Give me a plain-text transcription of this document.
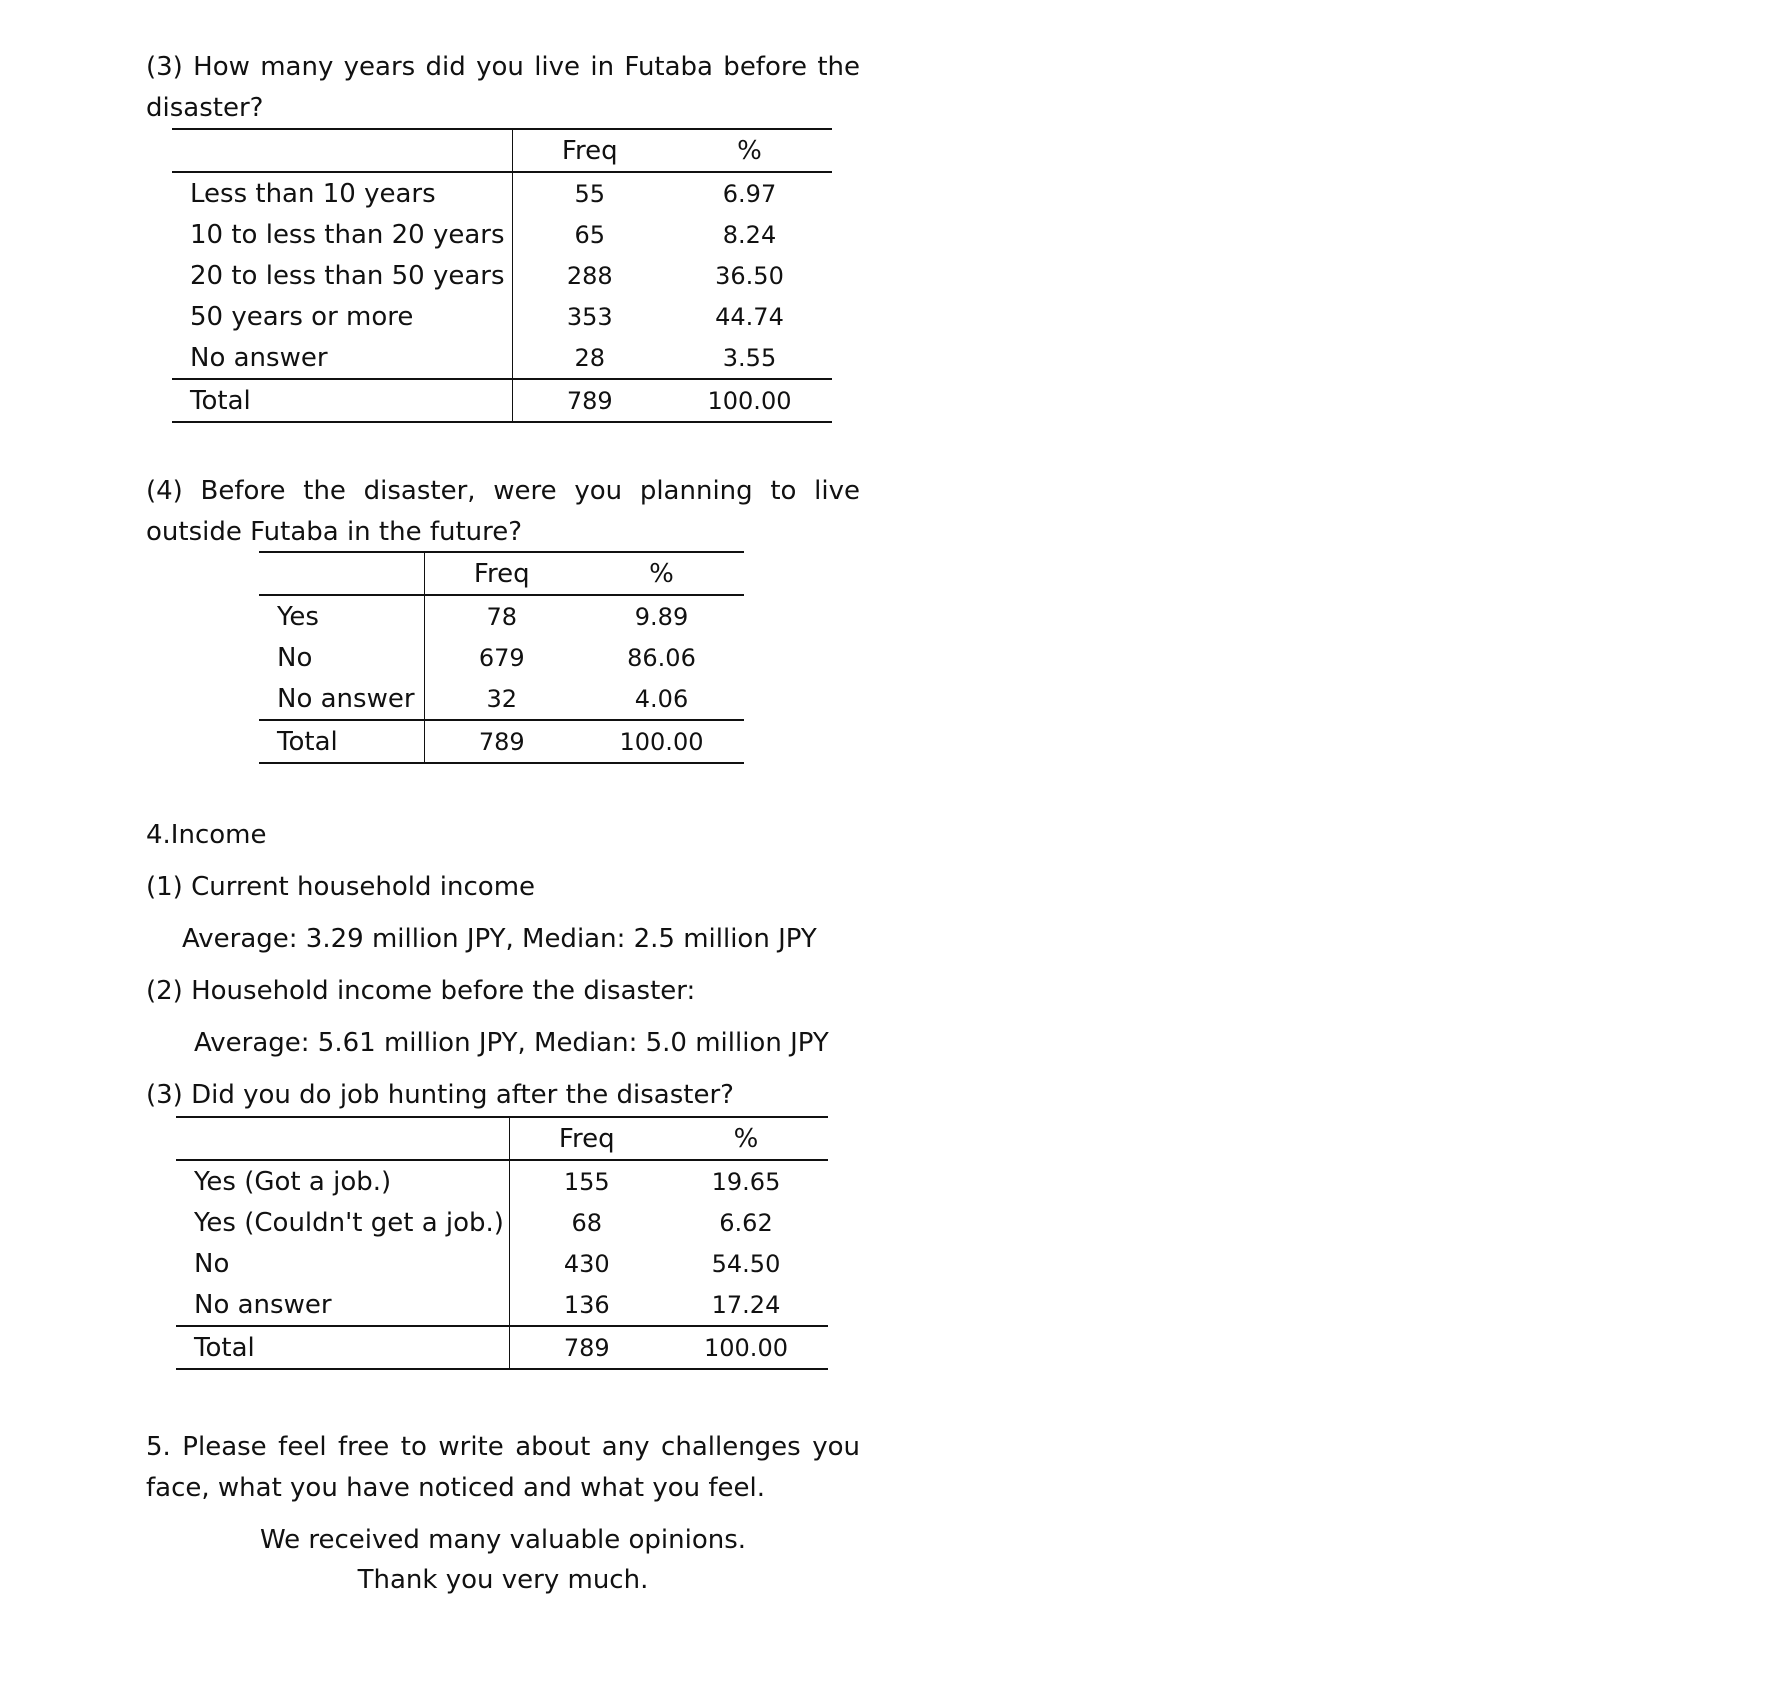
(3) How many years did you live in Futaba before the disaster?

	Freq	%
Less than 10 years	55	6.97
10 to less than 20 years	65	8.24
20 to less than 50 years	288	36.50
50 years or more	353	44.74
No answer	28	3.55
Total	789	100.00

(4) Before the disaster, were you planning to live outside Futaba in the future?

	Freq	%
Yes	78	9.89
No	679	86.06
No answer	32	4.06
Total	789	100.00

4.Income

(1) Current household income

Average: 3.29 million JPY, Median: 2.5 million JPY

(2) Household income before the disaster:

Average: 5.61 million JPY, Median: 5.0 million JPY

(3) Did you do job hunting after the disaster?

	Freq	%
Yes (Got a job.)	155	19.65
Yes (Couldn't get a job.)	68	6.62
No	430	54.50
No answer	136	17.24
Total	789	100.00

5. Please feel free to write about any challenges you face, what you have noticed and what you feel.

We received many valuable opinions.
Thank you very much.
